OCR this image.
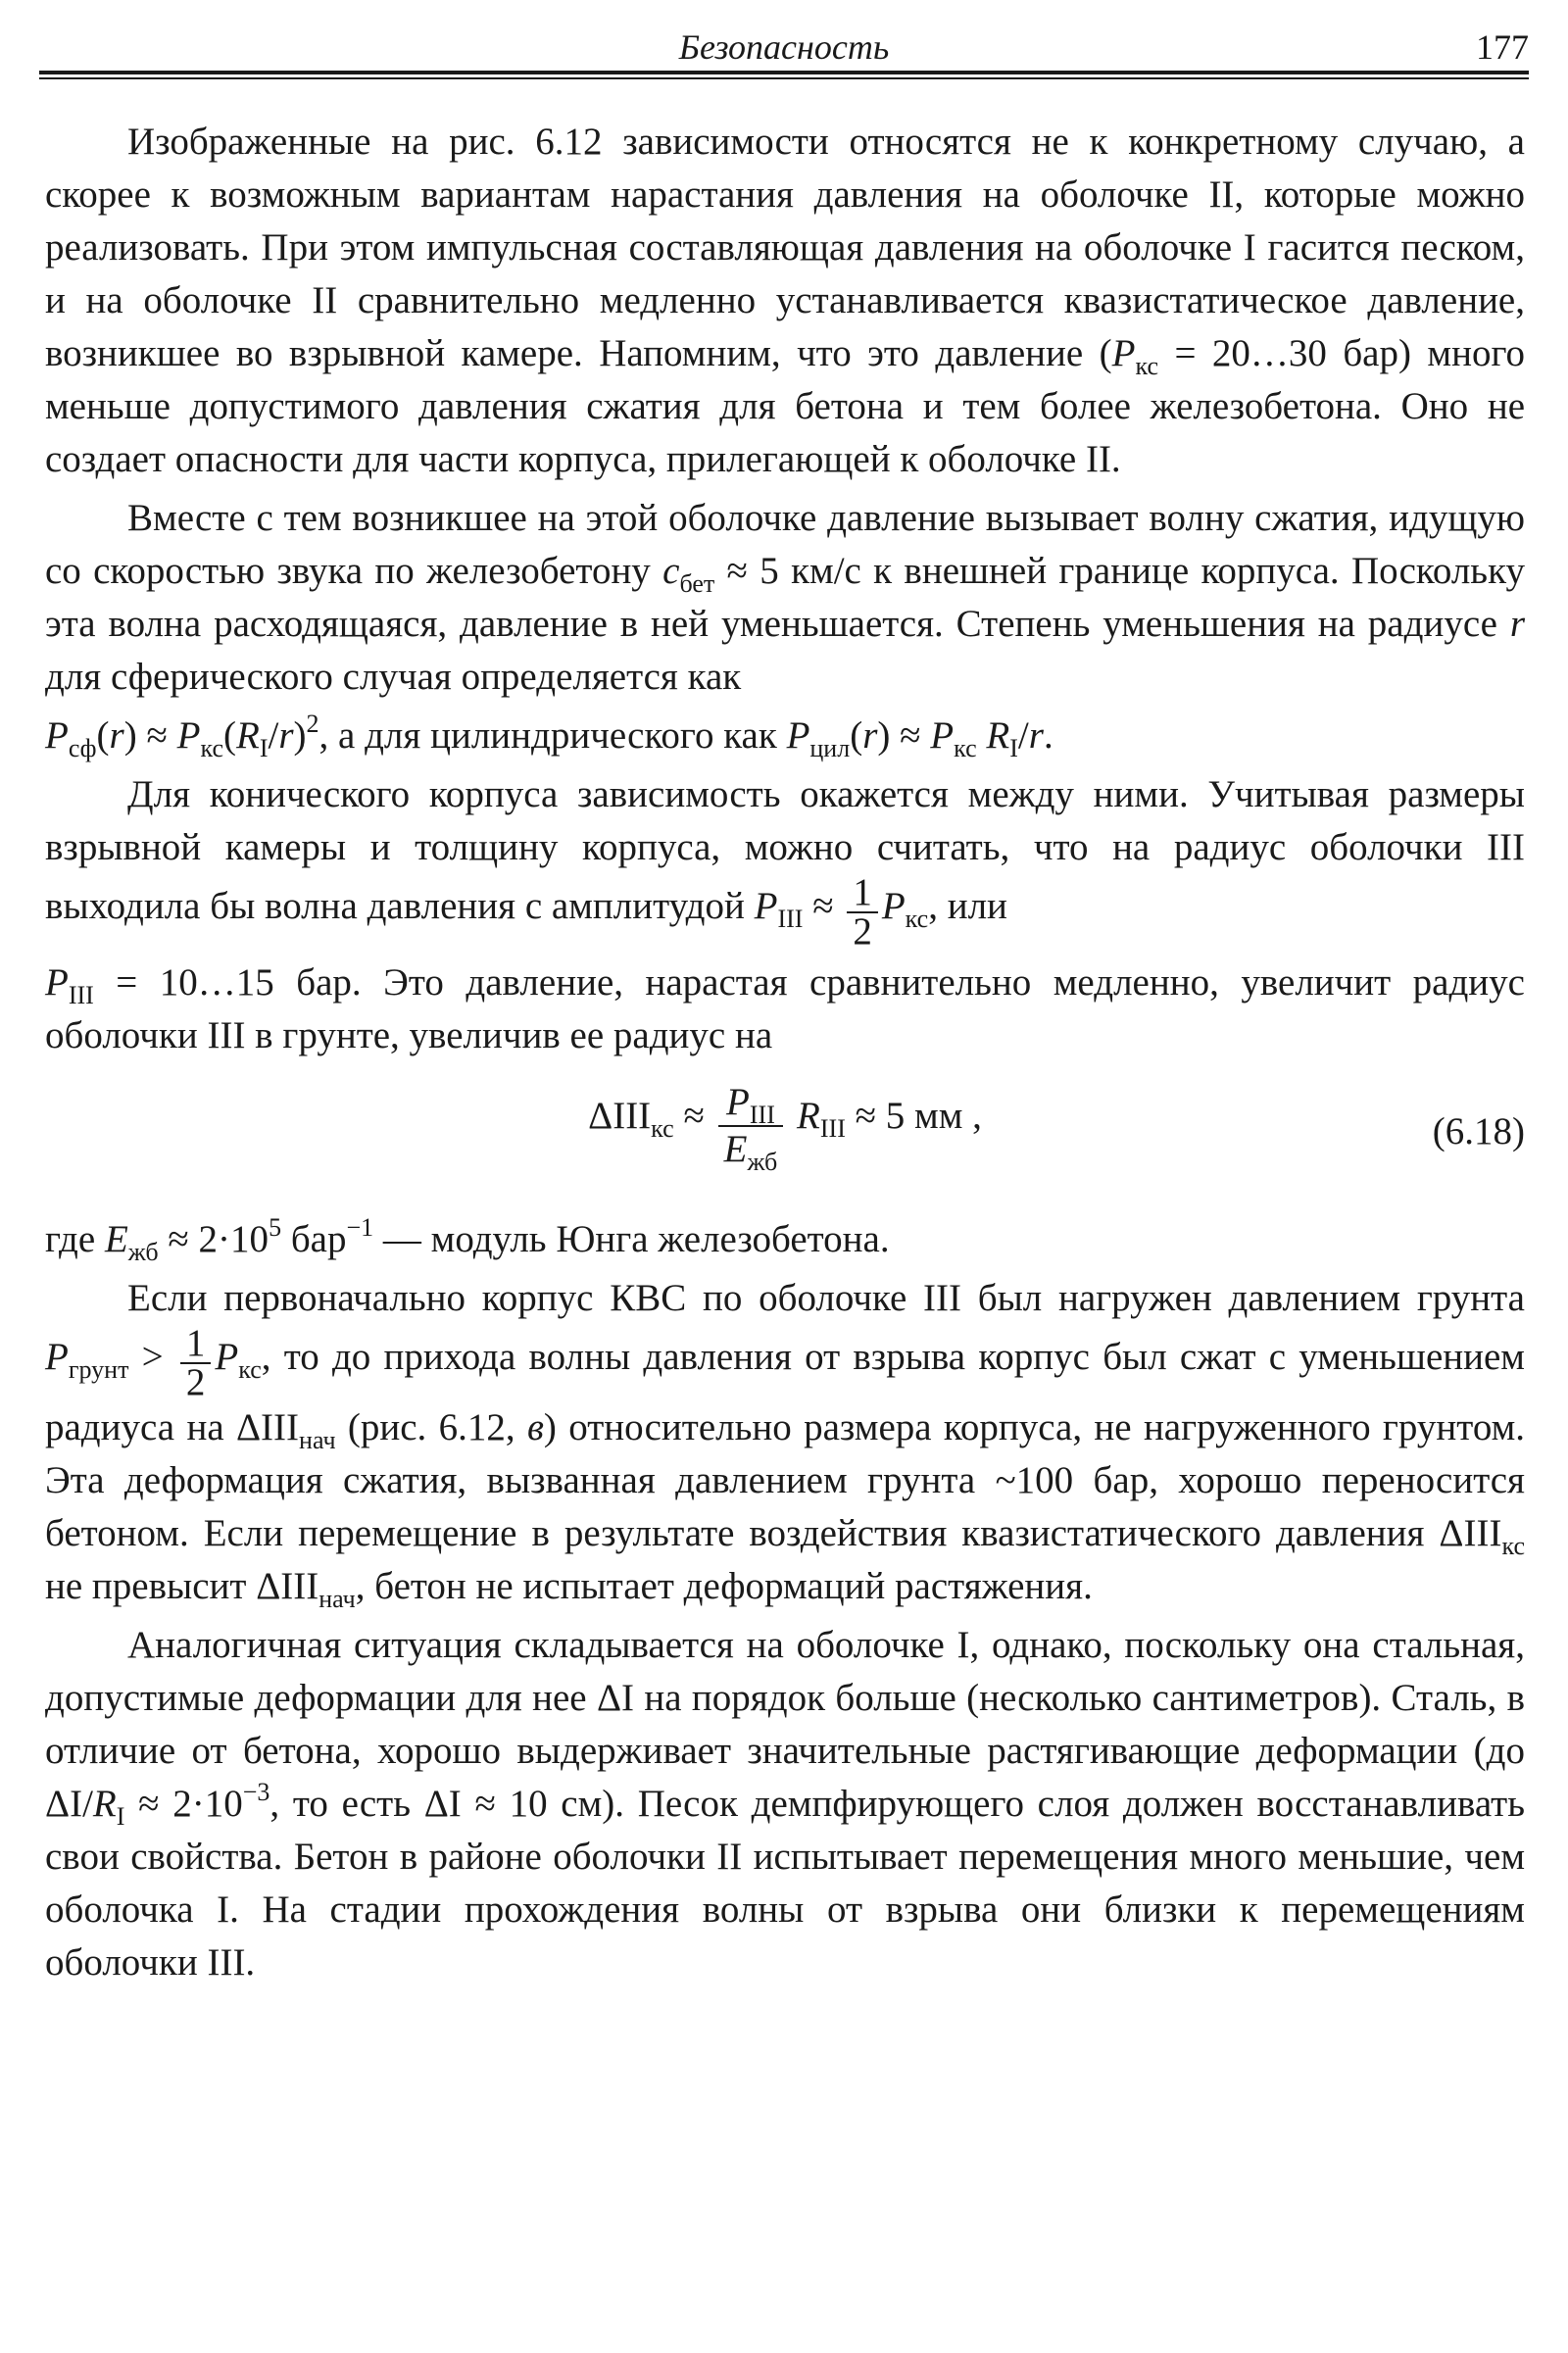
Безопасность	177

Изображенные на рис. 6.12 зависимости относятся не к конкретному случаю, а скорее к возможным вариантам нарастания давления на оболочке II, которые можно реализовать. При этом импульсная составляющая давления на оболочке I гасится песком, и на оболочке II сравнительно медленно устанавливается квазистатическое давление, возникшее во взрывной камере. Напомним, что это давление ($P_{кс}$ = 20…30 бар) много меньше допустимого давления сжатия для бетона и тем более железобетона. Оно не создает опасности для части корпуса, прилегающей к оболочке II.

Вместе с тем возникшее на этой оболочке давление вызывает волну сжатия, идущую со скоростью звука по железобетону $c_{бет} \approx 5$ км/с к внешней границе корпуса. Поскольку эта волна расходящаяся, давление в ней уменьшается. Степень уменьшения на радиусе r для сферического случая определяется как

$P_{сф}(r) \approx P_{кс}(R_I/r)^2$, а для цилиндрического как $P_{цил}(r) \approx P_{кс}$ $R_I/r$.

Для конического корпуса зависимость окажется между ними. Учитывая размеры взрывной камеры и толщину корпуса, можно считать, что на радиус оболочки III выходила бы волна давления с амплитудой $P_{III} \approx \frac{1}{2} P_{кс}$, или

$P_{III}$ = 10…15 бар. Это давление, нарастая сравнительно медленно, увеличит радиус оболочки III в грунте, увеличив ее радиус на

$\Delta III_{кс} \approx \frac{P_{III}}{E_{жб}} R_{III} \approx 5$ мм ,	(6.18)

где $E_{жб} \approx 2\cdot 10^5$ бар$^{-1}$ — модуль Юнга железобетона.

Если первоначально корпус КВС по оболочке III был нагружен давлением грунта $P_{грунт} > \frac{1}{2} P_{кс}$, то до прихода волны давления от взрыва корпус был сжат с уменьшением радиуса на $\Delta III_{нач}$ (рис. 6.12, в) относительно размера корпуса, не нагруженного грунтом. Эта деформация сжатия, вызванная давлением грунта ~100 бар, хорошо переносится бетоном. Если перемещение в результате воздействия квазистатического давления $\Delta III_{кс}$ не превысит $\Delta III_{нач}$, бетон не испытает деформаций растяжения.

Аналогичная ситуация складывается на оболочке I, однако, поскольку она стальная, допустимые деформации для нее ΔI на порядок больше (несколько сантиметров). Сталь, в отличие от бетона, хорошо выдерживает значительные растягивающие деформации (до $\Delta I/R_I \approx 2\cdot 10^{-3}$, то есть ΔI ≈ 10 см). Песок демпфирующего слоя должен восстанавливать свои свойства. Бетон в районе оболочки II испытывает перемещения много меньшие, чем оболочка I. На стадии прохождения волны от взрыва они близки к перемещениям оболочки III.
